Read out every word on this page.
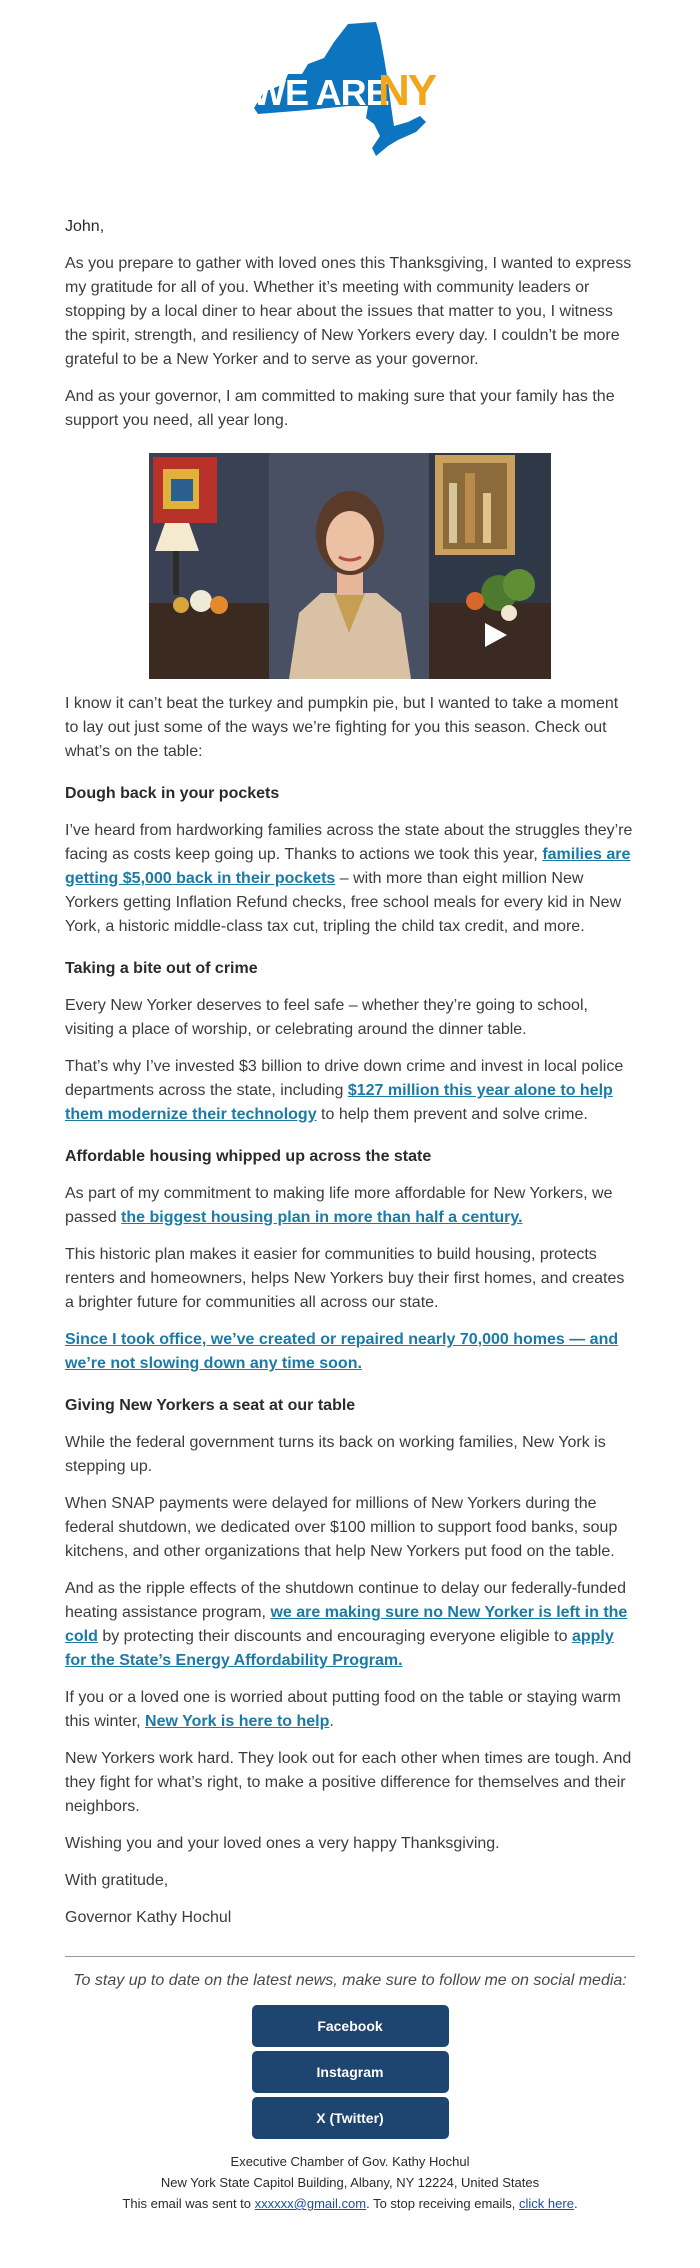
WE ARE
NY

John,

As you prepare to gather with loved ones this Thanksgiving, I wanted to express my gratitude for all of you. Whether it’s meeting with community leaders or stopping by a local diner to hear about the issues that matter to you, I witness the spirit, strength, and resiliency of New Yorkers every day. I couldn’t be more grateful to be a New Yorker and to serve as your governor.

And as your governor, I am committed to making sure that your family has the support you need, all year long.

I know it can’t beat the turkey and pumpkin pie, but I wanted to take a moment to lay out just some of the ways we’re fighting for you this season. Check out what’s on the table:

Dough back in your pockets

I’ve heard from hardworking families across the state about the struggles they’re facing as costs keep going up. Thanks to actions we took this year, families are getting $5,000 back in their pockets – with more than eight million New Yorkers getting Inflation Refund checks, free school meals for every kid in New York, a historic middle-class tax cut, tripling the child tax credit, and more.

Taking a bite out of crime

Every New Yorker deserves to feel safe – whether they’re going to school, visiting a place of worship, or celebrating around the dinner table.

That’s why I’ve invested $3 billion to drive down crime and invest in local police departments across the state, including $127 million this year alone to help them modernize their technology to help them prevent and solve crime.

Affordable housing whipped up across the state

As part of my commitment to making life more affordable for New Yorkers, we passed the biggest housing plan in more than half a century.

This historic plan makes it easier for communities to build housing, protects renters and homeowners, helps New Yorkers buy their first homes, and creates a brighter future for communities all across our state.

Since I took office, we’ve created or repaired nearly 70,000 homes — and we’re not slowing down any time soon.

Giving New Yorkers a seat at our table

While the federal government turns its back on working families, New York is stepping up.

When SNAP payments were delayed for millions of New Yorkers during the federal shutdown, we dedicated over $100 million to support food banks, soup kitchens, and other organizations that help New Yorkers put food on the table.

And as the ripple effects of the shutdown continue to delay our federally-funded heating assistance program, we are making sure no New Yorker is left in the cold by protecting their discounts and encouraging everyone eligible to apply for the State’s Energy Affordability Program.

If you or a loved one is worried about putting food on the table or staying warm this winter, New York is here to help.

New Yorkers work hard. They look out for each other when times are tough. And they fight for what’s right, to make a positive difference for themselves and their neighbors.

Wishing you and your loved ones a very happy Thanksgiving.

With gratitude,

Governor Kathy Hochul

To stay up to date on the latest news, make sure to follow me on social media:

Facebook
Instagram
X (Twitter)
Executive Chamber of Gov. Kathy Hochul
New York State Capitol Building, Albany, NY 12224, United States
This email was sent to xxxxxx@gmail.com. To stop receiving emails, click here.
